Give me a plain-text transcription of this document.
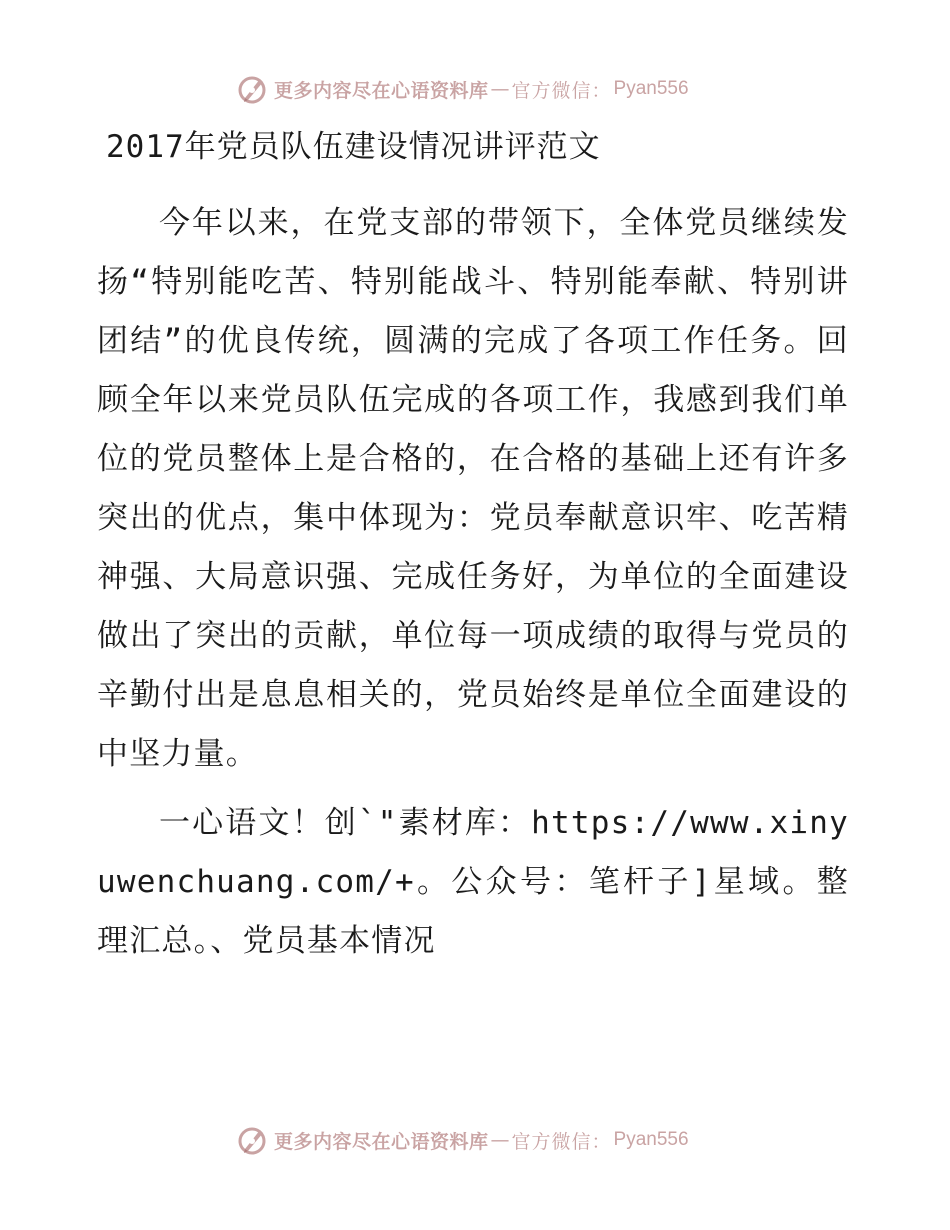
更多内容尽在心语资料库 — 官方微信： Pyan556
2017年党员队伍建设情况讲评范文
今年以来，在党支部的带领下，全体党员继续发扬“特别能吃苦、特别能战斗、特别能奉献、特别讲团结”的优良传统，圆满的完成了各项工作任务。回顾全年以来党员队伍完成的各项工作，我感到我们单位的党员整体上是合格的，在合格的基础上还有许多突出的优点，集中体现为：党员奉献意识牢、吃苦精神强、大局意识强、完成任务好，为单位的全面建设做出了突出的贡献，单位每一项成绩的取得与党员的辛勤付出是息息相关的，党员始终是单位全面建设的中坚力量。
一心语文！创`"素材库：https://www.xinyuwenchuang.com/+。公众号：笔杆子]星域。整理汇总。、党员基本情况
更多内容尽在心语资料库 — 官方微信： Pyan556
